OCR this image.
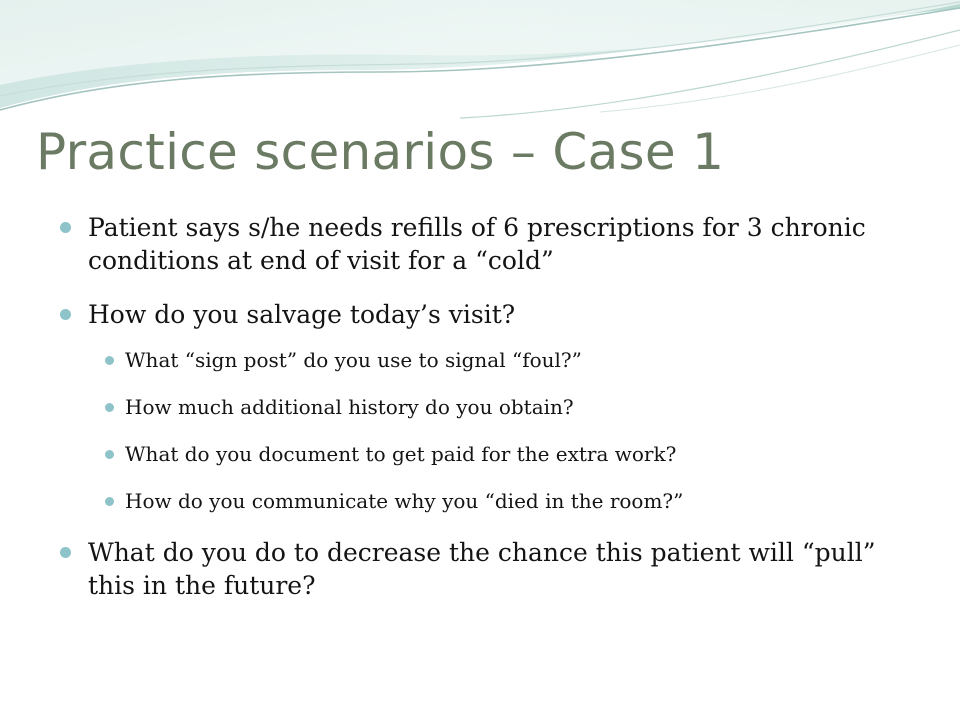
Practice scenarios – Case 1
Patient says s/he needs refills of 6 prescriptions for 3 chronic conditions at end of visit for a “cold”
How do you salvage today’s visit?
What “sign post” do you use to signal “foul?”
How much additional history do you obtain?
What do you document to get paid for the extra work?
How do you communicate why you “died in the room?”
What do you do to decrease the chance this patient will “pull” this in the future?
